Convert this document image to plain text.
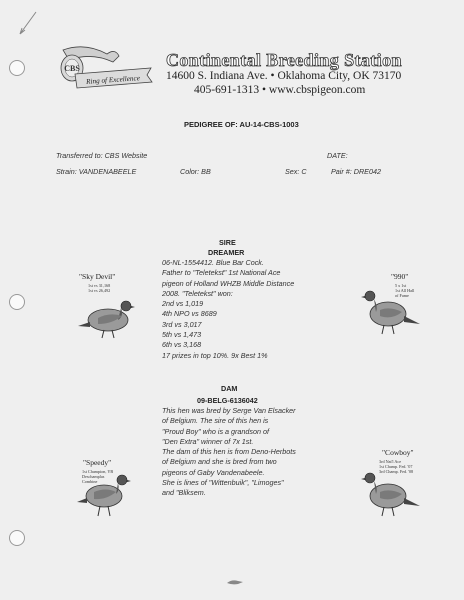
CBS
Ring of Excellence
Continental Breeding Station
14600 S. Indiana Ave. • Oklahoma City, OK 73170
405-691-1313 • www.cbspigeon.com
PEDIGREE OF: AU-14-CBS-1003
Transferred to: CBS Website	DATE:
Strain: VANDENABEELE	Color: BB	Sex: C	Pair #: DRE042
SIRE
DREAMER
06-NL-1554412. Blue Bar Cock.
Father to "Teletekst" 1st National Ace
pigeon of Holland WHZB Middle Distance
2008. "Teletekst" won:
2nd vs 1,019
4th NPO vs 8689
3rd vs 3,017
5th vs 1,473
6th vs 3,168
17 prizes in top 10%. 9x Best 1%
DAM
09-BELG-6136042
This hen was bred by Serge Van Elsacker
of Belgium. The sire of this hen is
"Proud Boy" who is a grandson of
"Den Extra" winner of 7x 1st.
The dam of this hen is from Deno-Herbots
of Belgium and she is bred from two
pigeons of Gaby Vandenabeele.
She is lines of "Wittenbuik", "Limoges"
and "Bliksem.
"Sky Devil"
1st vs 31,168
1st vs 26,492
"990"
5 x 1st
1st All Hall
of Fame
"Speedy"
1st Champion, YB
Deschamplas
Combine
"Cowboy"
3rd Nat'l Ace
1st Champ. Fed. '07
3rd Champ. Fed. '08
